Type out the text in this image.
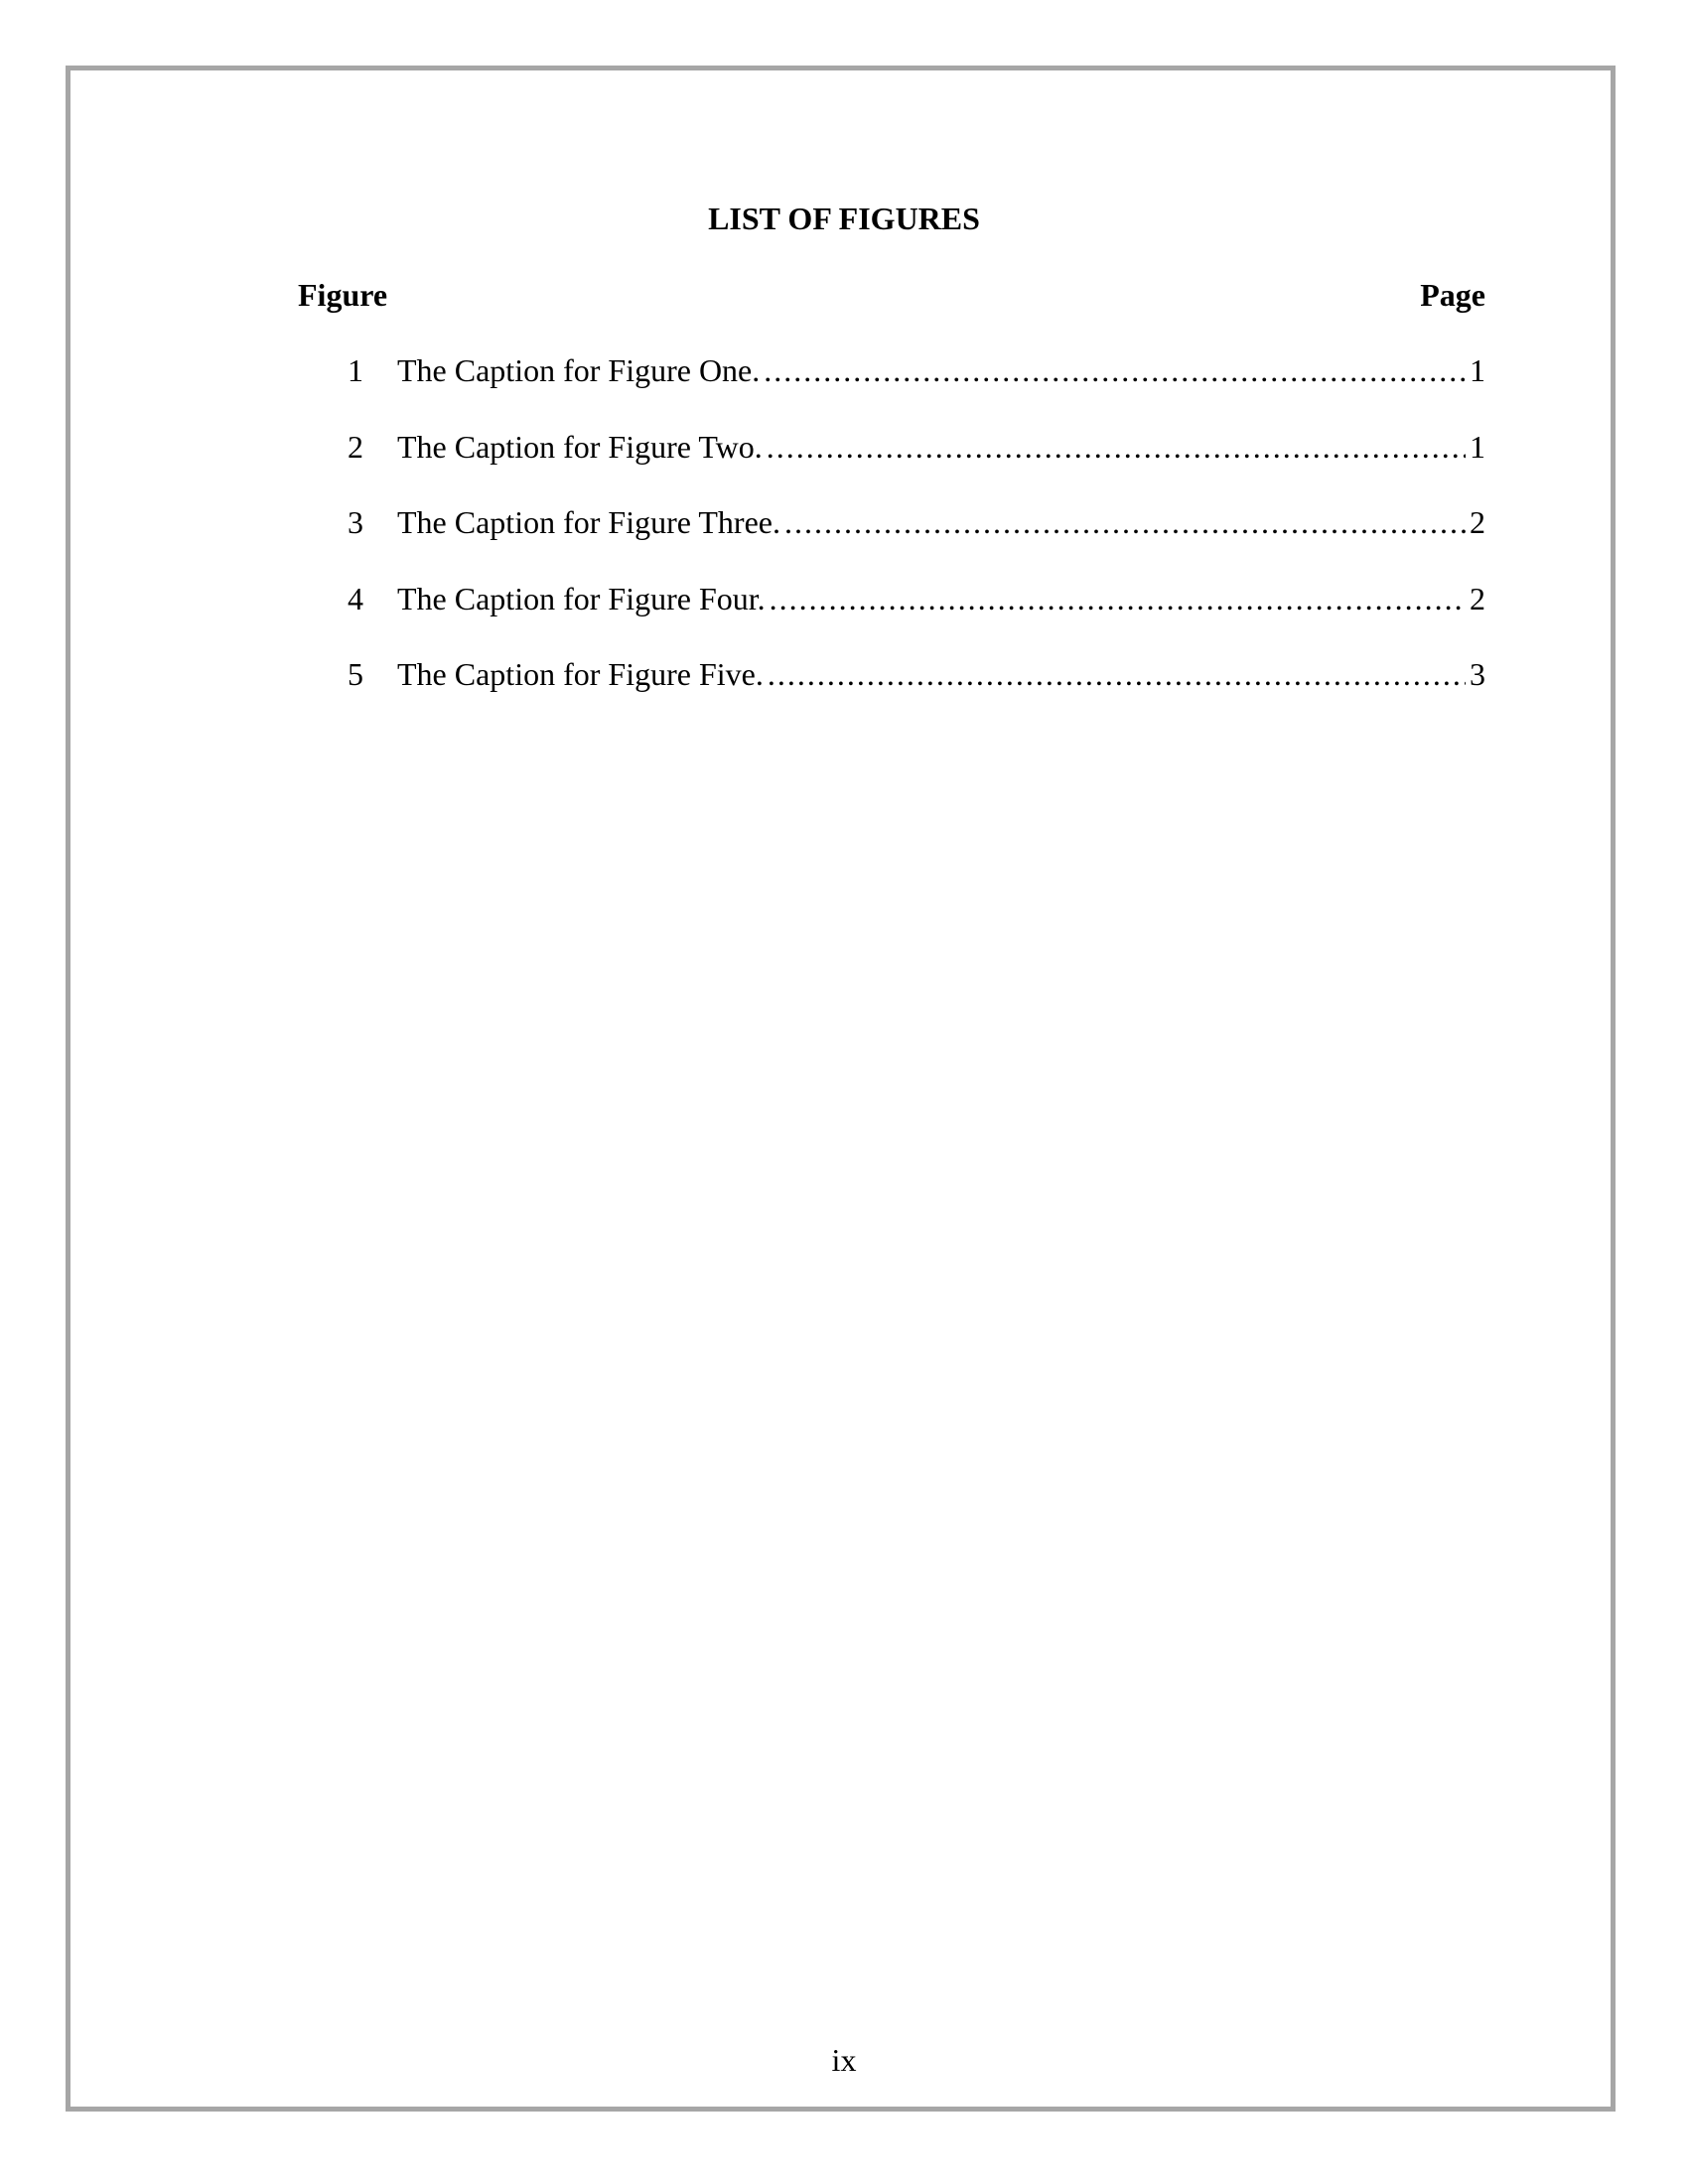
LIST OF FIGURES
Figure	Page
1	The Caption for Figure One. .....	1
2	The Caption for Figure Two. .....	1
3	The Caption for Figure Three. .....	2
4	The Caption for Figure Four. .....	2
5	The Caption for Figure Five. .....	3
ix
